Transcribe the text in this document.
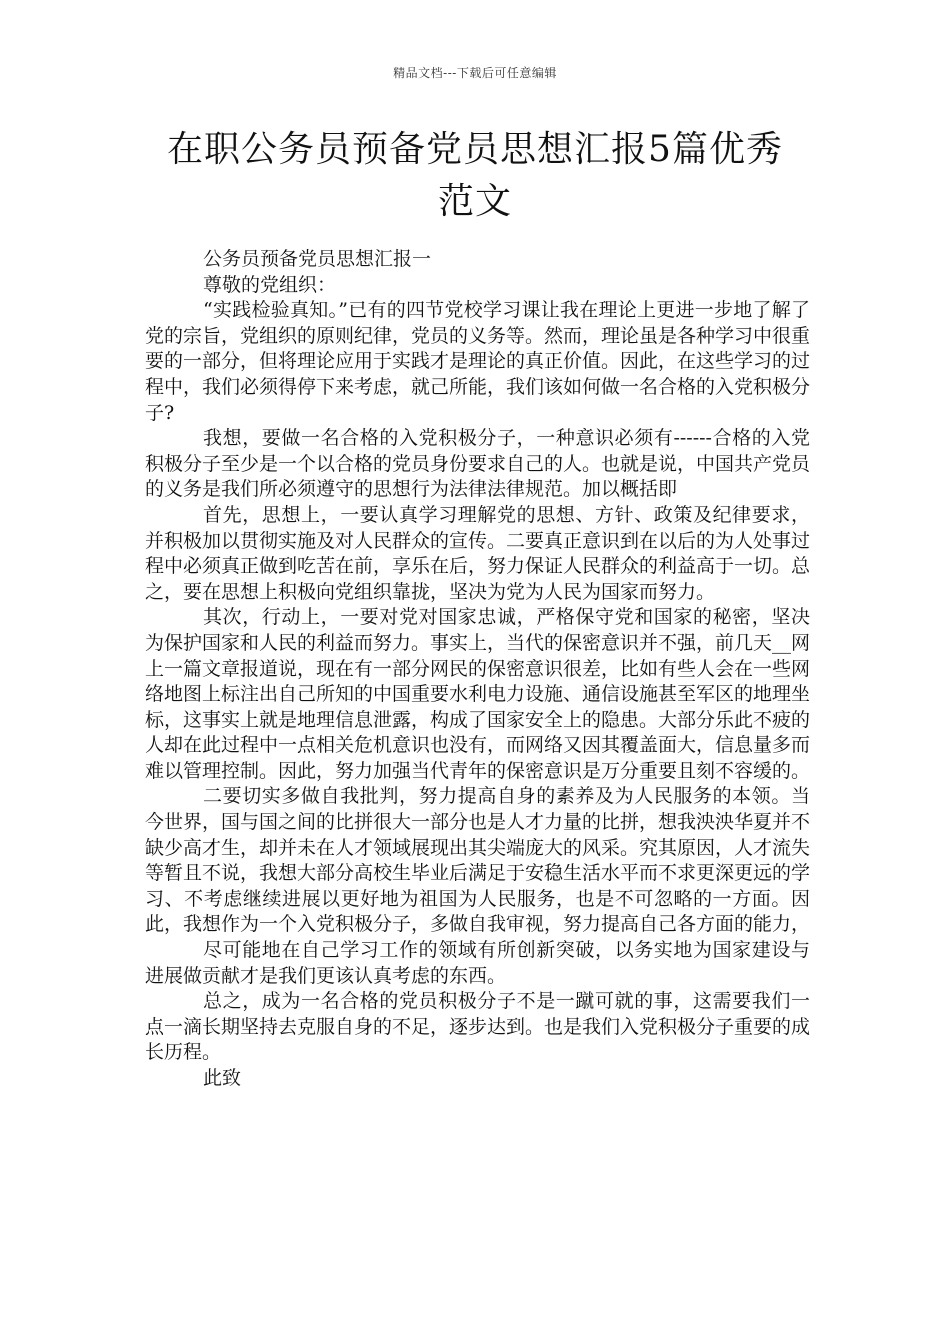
精品文档---下载后可任意编辑
在职公务员预备党员思想汇报5篇优秀范文

公务员预备党员思想汇报一

尊敬的党组织：

“实践检验真知。”已有的四节党校学习课让我在理论上更进一步地了解了党的宗旨，党组织的原则纪律，党员的义务等。然而，理论虽是各种学习中很重要的一部分，但将理论应用于实践才是理论的真正价值。因此，在这些学习的过程中，我们必须得停下来考虑，就己所能，我们该如何做一名合格的入党积极分子?

我想，要做一名合格的入党积极分子，一种意识必须有------合格的入党积极分子至少是一个以合格的党员身份要求自己的人。也就是说，中国共产党员的义务是我们所必须遵守的思想行为法律法律规范。加以概括即

首先，思想上，一要认真学习理解党的思想、方针、政策及纪律要求，并积极加以贯彻实施及对人民群众的宣传。二要真正意识到在以后的为人处事过程中必须真正做到吃苦在前，享乐在后，努力保证人民群众的利益高于一切。总之，要在思想上积极向党组织靠拢，坚决为党为人民为国家而努力。

其次，行动上，一要对党对国家忠诚，严格保守党和国家的秘密，坚决为保护国家和人民的利益而努力。事实上，当代的保密意识并不强，前几天__网上一篇文章报道说，现在有一部分网民的保密意识很差，比如有些人会在一些网络地图上标注出自己所知的中国重要水利电力设施、通信设施甚至军区的地理坐标，这事实上就是地理信息泄露，构成了国家安全上的隐患。大部分乐此不疲的人却在此过程中一点相关危机意识也没有，而网络又因其覆盖面大，信息量多而难以管理控制。因此，努力加强当代青年的保密意识是万分重要且刻不容缓的。

二要切实多做自我批判，努力提高自身的素养及为人民服务的本领。当今世界，国与国之间的比拼很大一部分也是人才力量的比拼，想我泱泱华夏并不缺少高才生，却并未在人才领域展现出其尖端庞大的风采。究其原因，人才流失等暂且不说，我想大部分高校生毕业后满足于安稳生活水平而不求更深更远的学习、不考虑继续进展以更好地为祖国为人民服务，也是不可忽略的一方面。因此，我想作为一个入党积极分子，多做自我审视，努力提高自己各方面的能力，

尽可能地在自己学习工作的领域有所创新突破，以务实地为国家建设与进展做贡献才是我们更该认真考虑的东西。

总之，成为一名合格的党员积极分子不是一蹴可就的事，这需要我们一点一滴长期坚持去克服自身的不足，逐步达到。也是我们入党积极分子重要的成长历程。

此致
